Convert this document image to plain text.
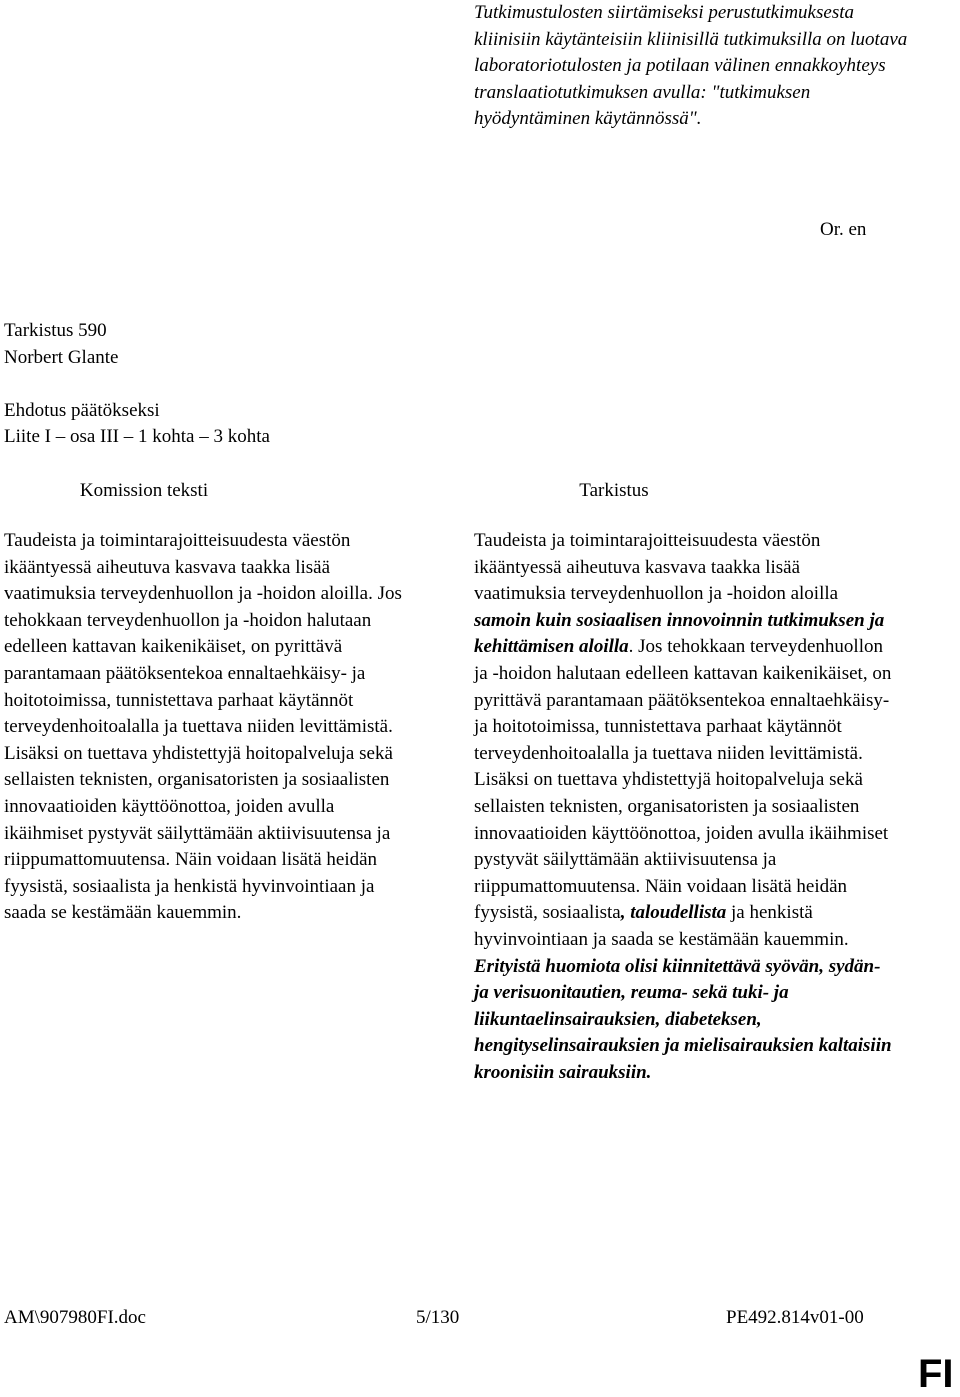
Tutkimustulosten siirtämiseksi perustutkimuksesta kliinisiin käytänteisiin kliinisillä tutkimuksilla on luotava laboratoriotulosten ja potilaan välinen ennakkoyhteys translaatiotutkimuksen avulla: "tutkimuksen hyödyntäminen käytännössä".
Or. en
Tarkistus 590
Norbert Glante
Ehdotus päätökseksi
Liite I – osa III – 1 kohta – 3 kohta
Komission teksti	Tarkistus
Taudeista ja toimintarajoitteisuudesta väestön ikääntyessä aiheutuva kasvava taakka lisää vaatimuksia terveydenhuollon ja -hoidon aloilla. Jos tehokkaan terveydenhuollon ja -hoidon halutaan edelleen kattavan kaikenikäiset, on pyrittävä parantamaan päätöksentekoa ennaltaehkäisy- ja hoitotoimissa, tunnistettava parhaat käytännöt terveydenhoitoalalla ja tuettava niiden levittämistä. Lisäksi on tuettava yhdistettyjä hoitopalveluja sekä sellaisten teknisten, organisatoristen ja sosiaalisten innovaatioiden käyttöönottoa, joiden avulla ikäihmiset pystyvät säilyttämään aktiivisuutensa ja riippumattomuutensa. Näin voidaan lisätä heidän fyysistä, sosiaalista ja henkistä hyvinvointiaan ja saada se kestämään kauemmin.
Taudeista ja toimintarajoitteisuudesta väestön ikääntyessä aiheutuva kasvava taakka lisää vaatimuksia terveydenhuollon ja -hoidon aloilla samoin kuin sosiaalisen innovoinnin tutkimuksen ja kehittämisen aloilla. Jos tehokkaan terveydenhuollon ja -hoidon halutaan edelleen kattavan kaikenikäiset, on pyrittävä parantamaan päätöksentekoa ennaltaehkäisy- ja hoitotoimissa, tunnistettava parhaat käytännöt terveydenhoitoalalla ja tuettava niiden levittämistä. Lisäksi on tuettava yhdistettyjä hoitopalveluja sekä sellaisten teknisten, organisatoristen ja sosiaalisten innovaatioiden käyttöönottoa, joiden avulla ikäihmiset pystyvät säilyttämään aktiivisuutensa ja riippumattomuutensa. Näin voidaan lisätä heidän fyysistä, sosiaalista, taloudellista ja henkistä hyvinvointiaan ja saada se kestämään kauemmin. Erityistä huomiota olisi kiinnitettävä syövän, sydän- ja verisuonitautien, reuma- sekä tuki- ja liikuntaelinsairauksien, diabeteksen, hengityselinsairauksien ja mielisairauksien kaltaisiin kroonisiin sairauksiin.
AM\907980FI.doc	5/130	PE492.814v01-00
FI
